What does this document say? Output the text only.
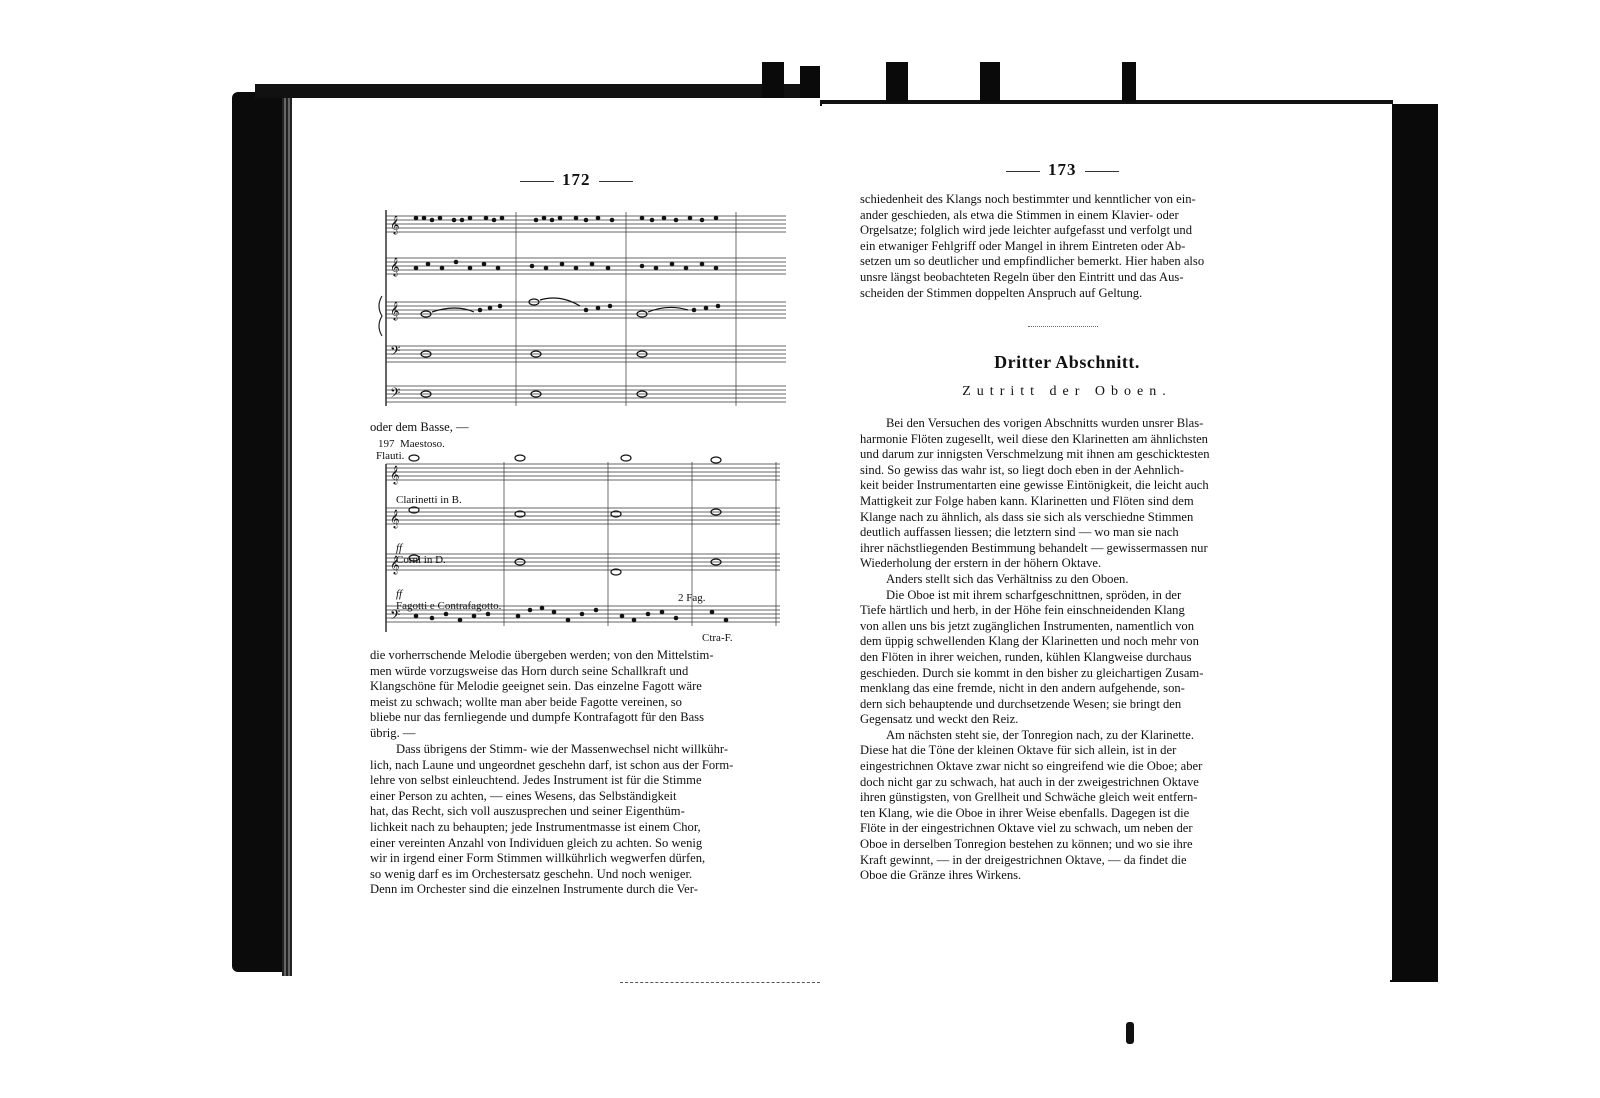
172
𝄞
𝄞
𝄞
𝄢
𝄢
oder dem Basse, —
197 Maestoso.
𝄞
𝄞
𝄞
𝄢
Flauti.
Clarinetti in B.
ff
Corni in D.
ff
Fagotti e Contrafagotto.
2 Fag.
Ctra-F.

die vorherrschende Melodie übergeben werden; von den Mittelstim-

men würde vorzugsweise das Horn durch seine Schallkraft und

Klangschöne für Melodie geeignet sein. Das einzelne Fagott wäre

meist zu schwach; wollte man aber beide Fagotte vereinen, so

bliebe nur das fernliegende und dumpfe Kontrafagott für den Bass

übrig. —

Dass übrigens der Stimm- wie der Massenwechsel nicht willkühr-

lich, nach Laune und ungeordnet geschehn darf, ist schon aus der Form-

lehre von selbst einleuchtend. Jedes Instrument ist für die Stimme

einer Person zu achten, — eines Wesens, das Selbständigkeit

hat, das Recht, sich voll auszusprechen und seiner Eigenthüm-

lichkeit nach zu behaupten; jede Instrumentmasse ist einem Chor,

einer vereinten Anzahl von Individuen gleich zu achten. So wenig

wir in irgend einer Form Stimmen willkührlich wegwerfen dürfen,

so wenig darf es im Orchestersatz geschehn. Und noch weniger.

Denn im Orchester sind die einzelnen Instrumente durch die Ver-

173

schiedenheit des Klangs noch bestimmter und kenntlicher von ein-

ander geschieden, als etwa die Stimmen in einem Klavier- oder

Orgelsatze; folglich wird jede leichter aufgefasst und verfolgt und

ein etwaniger Fehlgriff oder Mangel in ihrem Eintreten oder Ab-

setzen um so deutlicher und empfindlicher bemerkt. Hier haben also

unsre längst beobachteten Regeln über den Eintritt und das Aus-

scheiden der Stimmen doppelten Anspruch auf Geltung.

Dritter Abschnitt.
Zutritt der Oboen.

Bei den Versuchen des vorigen Abschnitts wurden unsrer Blas-

harmonie Flöten zugesellt, weil diese den Klarinetten am ähnlichsten

und darum zur innigsten Verschmelzung mit ihnen am geschicktesten

sind. So gewiss das wahr ist, so liegt doch eben in der Aehnlich-

keit beider Instrumentarten eine gewisse Eintönigkeit, die leicht auch

Mattigkeit zur Folge haben kann. Klarinetten und Flöten sind dem

Klange nach zu ähnlich, als dass sie sich als verschiedne Stimmen

deutlich auffassen liessen; die letztern sind — wo man sie nach

ihrer nächstliegenden Bestimmung behandelt — gewissermassen nur

Wiederholung der erstern in der höhern Oktave.

Anders stellt sich das Verhältniss zu den Oboen.

Die Oboe ist mit ihrem scharfgeschnittnen, spröden, in der

Tiefe härtlich und herb, in der Höhe fein einschneidenden Klang

von allen uns bis jetzt zugänglichen Instrumenten, namentlich von

dem üppig schwellenden Klang der Klarinetten und noch mehr von

den Flöten in ihrer weichen, runden, kühlen Klangweise durchaus

geschieden. Durch sie kommt in den bisher zu gleichartigen Zusam-

menklang das eine fremde, nicht in den andern aufgehende, son-

dern sich behauptende und durchsetzende Wesen; sie bringt den

Gegensatz und weckt den Reiz.

Am nächsten steht sie, der Tonregion nach, zu der Klarinette.

Diese hat die Töne der kleinen Oktave für sich allein, ist in der

eingestrichnen Oktave zwar nicht so eingreifend wie die Oboe; aber

doch nicht gar zu schwach, hat auch in der zweigestrichnen Oktave

ihren günstigsten, von Grellheit und Schwäche gleich weit entfern-

ten Klang, wie die Oboe in ihrer Weise ebenfalls. Dagegen ist die

Flöte in der eingestrichnen Oktave viel zu schwach, um neben der

Oboe in derselben Tonregion bestehen zu können; und wo sie ihre

Kraft gewinnt, — in der dreigestrichnen Oktave, — da findet die

Oboe die Gränze ihres Wirkens.
